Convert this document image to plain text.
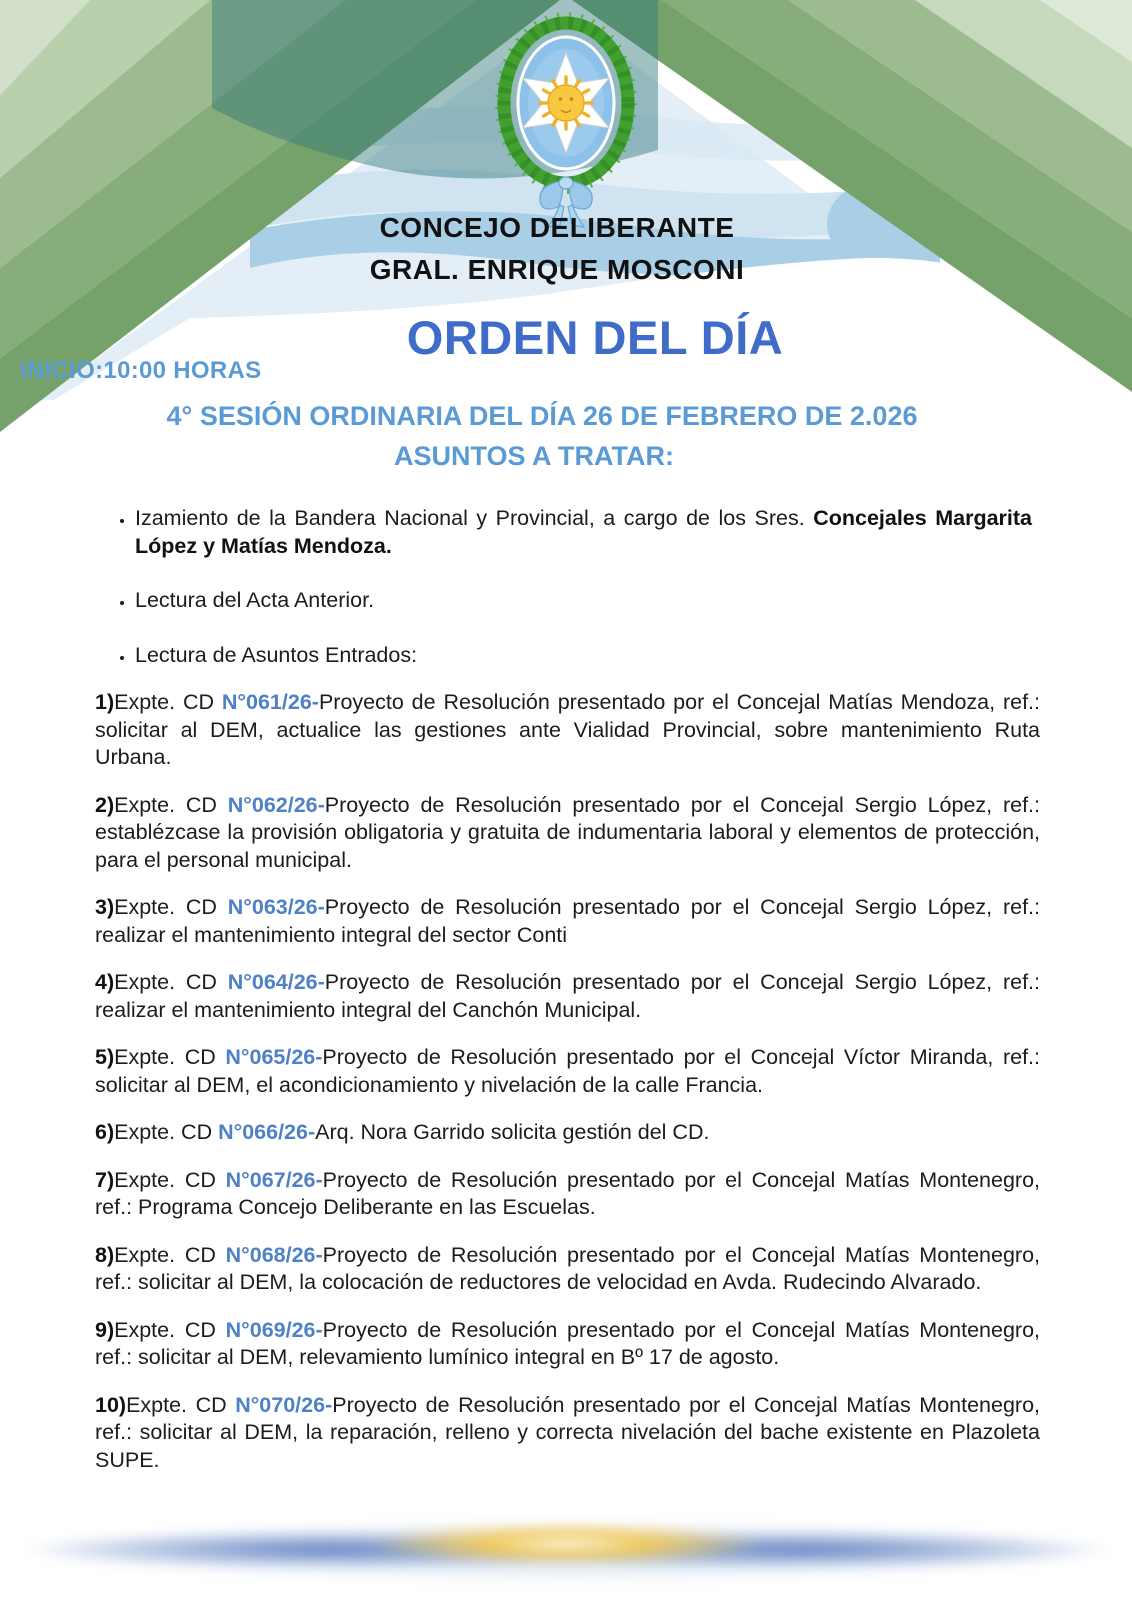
CONCEJO DELIBERANTE
GRAL. ENRIQUE MOSCONI
ORDEN DEL DÍA
INICIO:10:00 HORAS
4° SESIÓN ORDINARIA DEL DÍA 26 DE FEBRERO DE 2.026
ASUNTOS A TRATAR:
• Izamiento de la Bandera Nacional y Provincial, a cargo de los Sres. Concejales Margarita López y Matías Mendoza.
• Lectura del Acta Anterior.
• Lectura de Asuntos Entrados:

1)Expte. CD N°061/26-Proyecto de Resolución presentado por el Concejal Matías Mendoza, ref.: solicitar al DEM, actualice las gestiones ante Vialidad Provincial, sobre mantenimiento Ruta Urbana.

2)Expte. CD N°062/26-Proyecto de Resolución presentado por el Concejal Sergio López, ref.: establézcase la provisión obligatoria y gratuita de indumentaria laboral y elementos de protección, para el personal municipal.

3)Expte. CD N°063/26-Proyecto de Resolución presentado por el Concejal Sergio López, ref.: realizar el mantenimiento integral del sector Conti

4)Expte. CD N°064/26-Proyecto de Resolución presentado por el Concejal Sergio López, ref.: realizar el mantenimiento integral del Canchón Municipal.

5)Expte. CD N°065/26-Proyecto de Resolución presentado por el Concejal Víctor Miranda, ref.: solicitar al DEM, el acondicionamiento y nivelación de la calle Francia.

6)Expte. CD N°066/26-Arq. Nora Garrido solicita gestión del CD.

7)Expte. CD N°067/26-Proyecto de Resolución presentado por el Concejal Matías Montenegro, ref.: Programa Concejo Deliberante en las Escuelas.

8)Expte. CD N°068/26-Proyecto de Resolución presentado por el Concejal Matías Montenegro, ref.: solicitar al DEM, la colocación de reductores de velocidad en Avda. Rudecindo Alvarado.

9)Expte. CD N°069/26-Proyecto de Resolución presentado por el Concejal Matías Montenegro, ref.: solicitar al DEM, relevamiento lumínico integral en Bº 17 de agosto.

10)Expte. CD N°070/26-Proyecto de Resolución presentado por el Concejal Matías Montenegro, ref.: solicitar al DEM, la reparación, relleno y correcta nivelación del bache existente en Plazoleta SUPE.
